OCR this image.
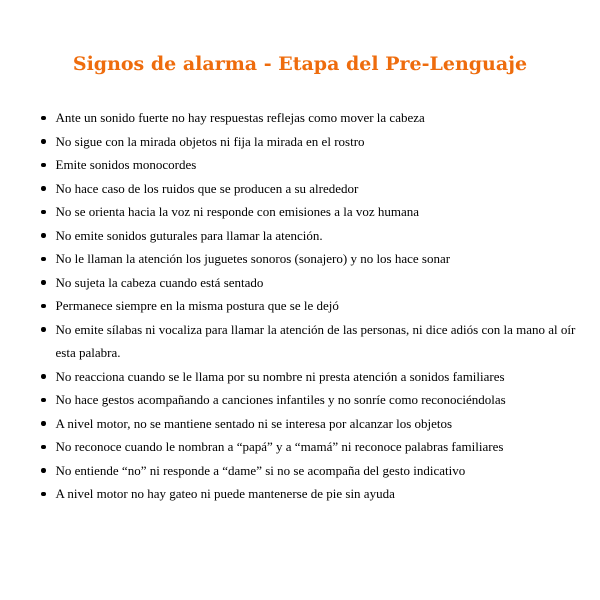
Signos de alarma - Etapa del Pre-Lenguaje
Ante un sonido fuerte no hay respuestas reflejas como mover la cabeza
No sigue con la mirada objetos ni fija la mirada en el rostro
Emite sonidos monocordes
No hace caso de los ruidos que se producen a su alrededor
No se orienta hacia la voz ni responde con emisiones a la voz humana
No emite sonidos guturales para llamar la atención.
No le llaman la atención los juguetes sonoros (sonajero) y no los hace sonar
No sujeta la cabeza cuando está sentado
Permanece siempre en la misma postura que se le dejó
No emite sílabas ni vocaliza para llamar la atención de las personas, ni dice adiós con la mano al oír esta palabra.
No reacciona cuando se le llama por su nombre ni presta atención a sonidos familiares
No hace gestos acompañando a canciones infantiles y no sonríe como reconociéndolas
A nivel motor, no se mantiene sentado ni se interesa por alcanzar los objetos
No reconoce cuando le nombran a “papá” y a “mamá” ni reconoce palabras familiares
No entiende “no” ni responde a “dame” si no se acompaña del gesto indicativo
A nivel motor no hay gateo ni puede mantenerse de pie sin ayuda
